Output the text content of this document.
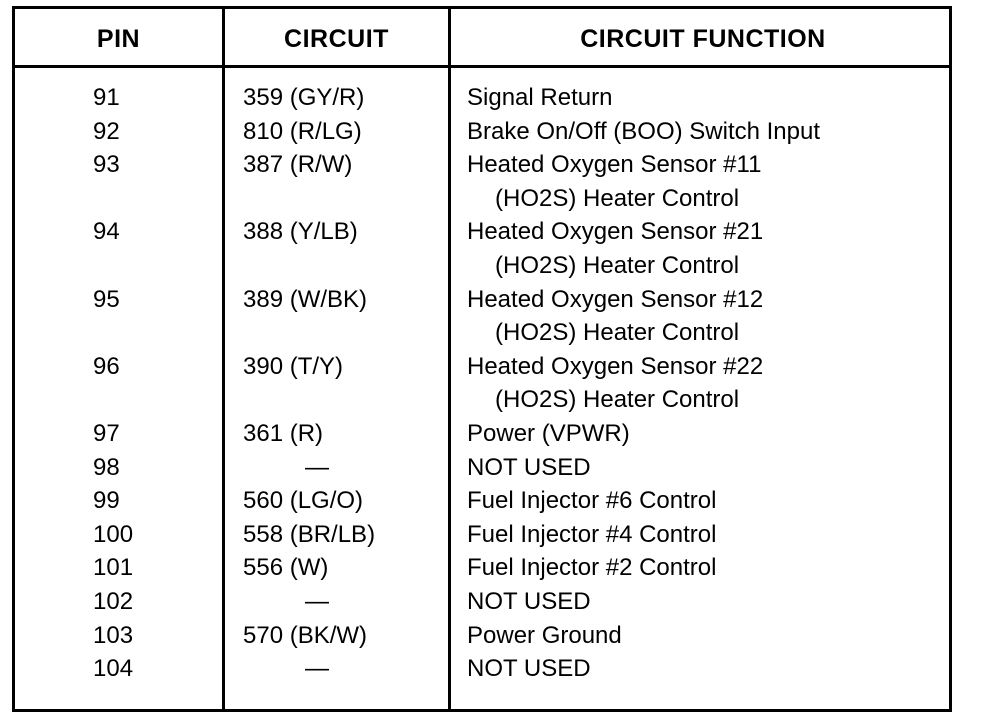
PIN	CIRCUIT	CIRCUIT FUNCTION
91	359 (GY/R)	Signal Return
92	810 (R/LG)	Brake On/Off (BOO) Switch Input
93	387 (R/W)	Heated Oxygen Sensor #11
(HO2S) Heater Control
94	388 (Y/LB)	Heated Oxygen Sensor #21
(HO2S) Heater Control
95	389 (W/BK)	Heated Oxygen Sensor #12
(HO2S) Heater Control
96	390 (T/Y)	Heated Oxygen Sensor #22
(HO2S) Heater Control
97	361 (R)	Power (VPWR)
98	—	NOT USED
99	560 (LG/O)	Fuel Injector #6 Control
100	558 (BR/LB)	Fuel Injector #4 Control
101	556 (W)	Fuel Injector #2 Control
102	—	NOT USED
103	570 (BK/W)	Power Ground
104	—	NOT USED
